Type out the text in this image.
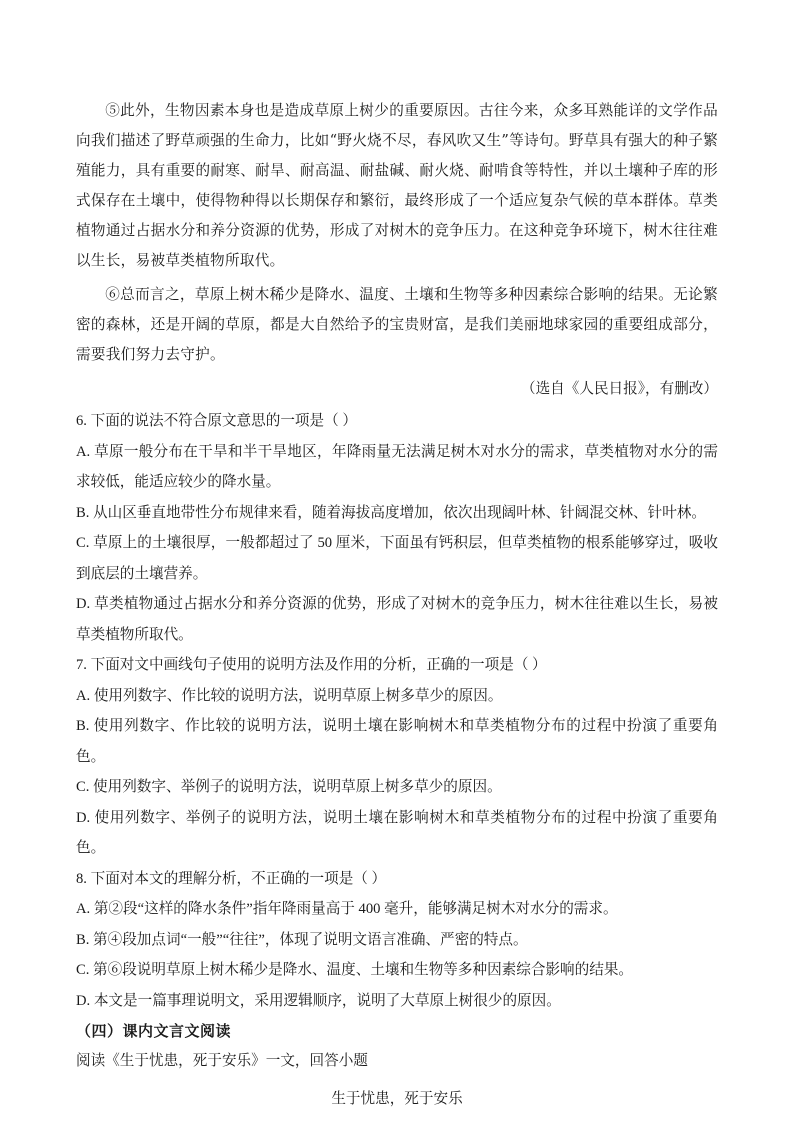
⑤此外，生物因素本身也是造成草原上树少的重要原因。古往今来，众多耳熟能详的文学作品向我们描述了野草顽强的生命力，比如“野火烧不尽，春风吹又生”等诗句。野草具有强大的种子繁殖能力，具有重要的耐寒、耐旱、耐高温、耐盐碱、耐火烧、耐啃食等特性，并以土壤种子库的形式保存在土壤中，使得物种得以长期保存和繁衍，最终形成了一个适应复杂气候的草本群体。草类植物通过占据水分和养分资源的优势，形成了对树木的竞争压力。在这种竞争环境下，树木往往难以生长，易被草类植物所取代。

⑥总而言之，草原上树木稀少是降水、温度、土壤和生物等多种因素综合影响的结果。无论繁密的森林，还是开阔的草原，都是大自然给予的宝贵财富，是我们美丽地球家园的重要组成部分，需要我们努力去守护。

（选自《人民日报》，有删改）

6. 下面的说法不符合原文意思的一项是（ ）

A. 草原一般分布在干旱和半干旱地区，年降雨量无法满足树木对水分的需求，草类植物对水分的需求较低，能适应较少的降水量。

B. 从山区垂直地带性分布规律来看，随着海拔高度增加，依次出现阔叶林、针阔混交林、针叶林。

C. 草原上的土壤很厚，一般都超过了 50 厘米，下面虽有钙积层，但草类植物的根系能够穿过，吸收到底层的土壤营养。

D. 草类植物通过占据水分和养分资源的优势，形成了对树木的竞争压力，树木往往难以生长，易被草类植物所取代。

7. 下面对文中画线句子使用的说明方法及作用的分析，正确的一项是（ ）

A. 使用列数字、作比较的说明方法，说明草原上树多草少的原因。

B. 使用列数字、作比较的说明方法，说明土壤在影响树木和草类植物分布的过程中扮演了重要角色。

C. 使用列数字、举例子的说明方法，说明草原上树多草少的原因。

D. 使用列数字、举例子的说明方法，说明土壤在影响树木和草类植物分布的过程中扮演了重要角色。

8. 下面对本文的理解分析，不正确的一项是（ ）

A. 第②段“这样的降水条件”指年降雨量高于 400 毫升，能够满足树木对水分的需求。

B. 第④段加点词“一般”“往往”，体现了说明文语言准确、严密的特点。

C. 第⑥段说明草原上树木稀少是降水、温度、土壤和生物等多种因素综合影响的结果。

D. 本文是一篇事理说明文，采用逻辑顺序，说明了大草原上树很少的原因。

（四）课内文言文阅读

阅读《生于忧患，死于安乐》一文，回答小题

生于忧患，死于安乐
